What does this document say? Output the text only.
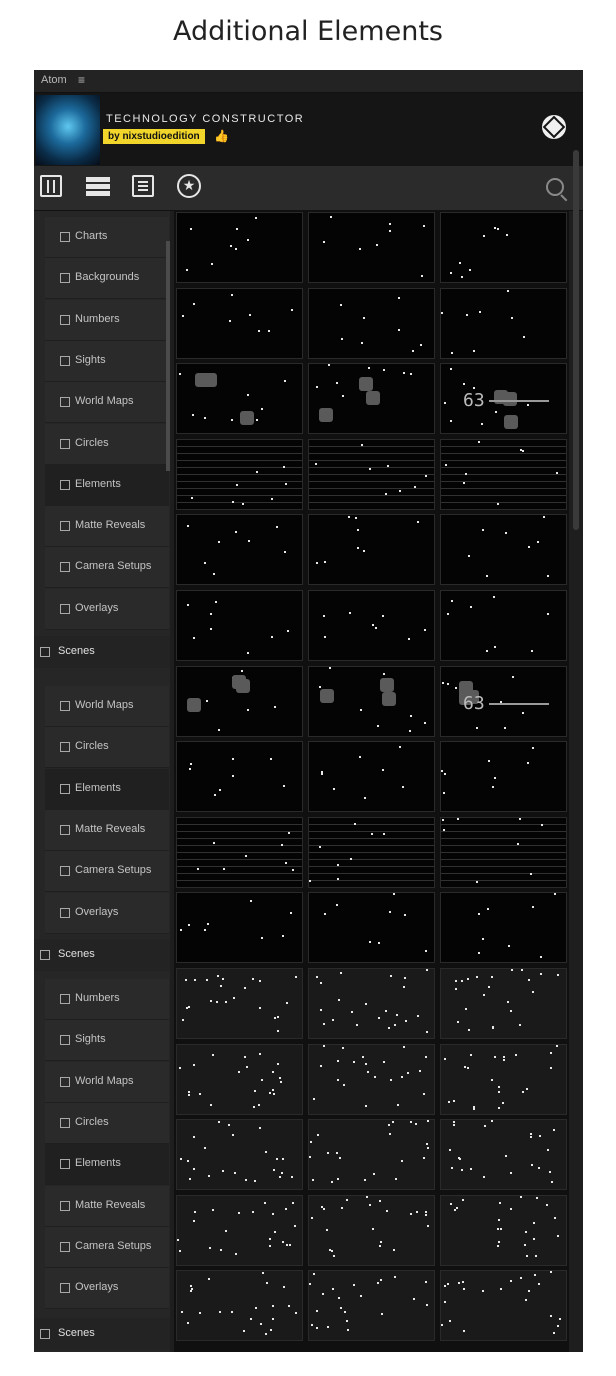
Additional Elements
Atom ≡
TECHNOLOGY CONSTRUCTOR
by nixstudioedition	👍
★
Charts
Backgrounds
Numbers
Sights
World Maps
Circles
Elements
Matte Reveals
Camera Setups
Overlays
Scenes
World Maps
Circles
Elements
Matte Reveals
Camera Setups
Overlays
Scenes
Numbers
Sights
World Maps
Circles
Elements
Matte Reveals
Camera Setups
Overlays
Scenes
63
63
